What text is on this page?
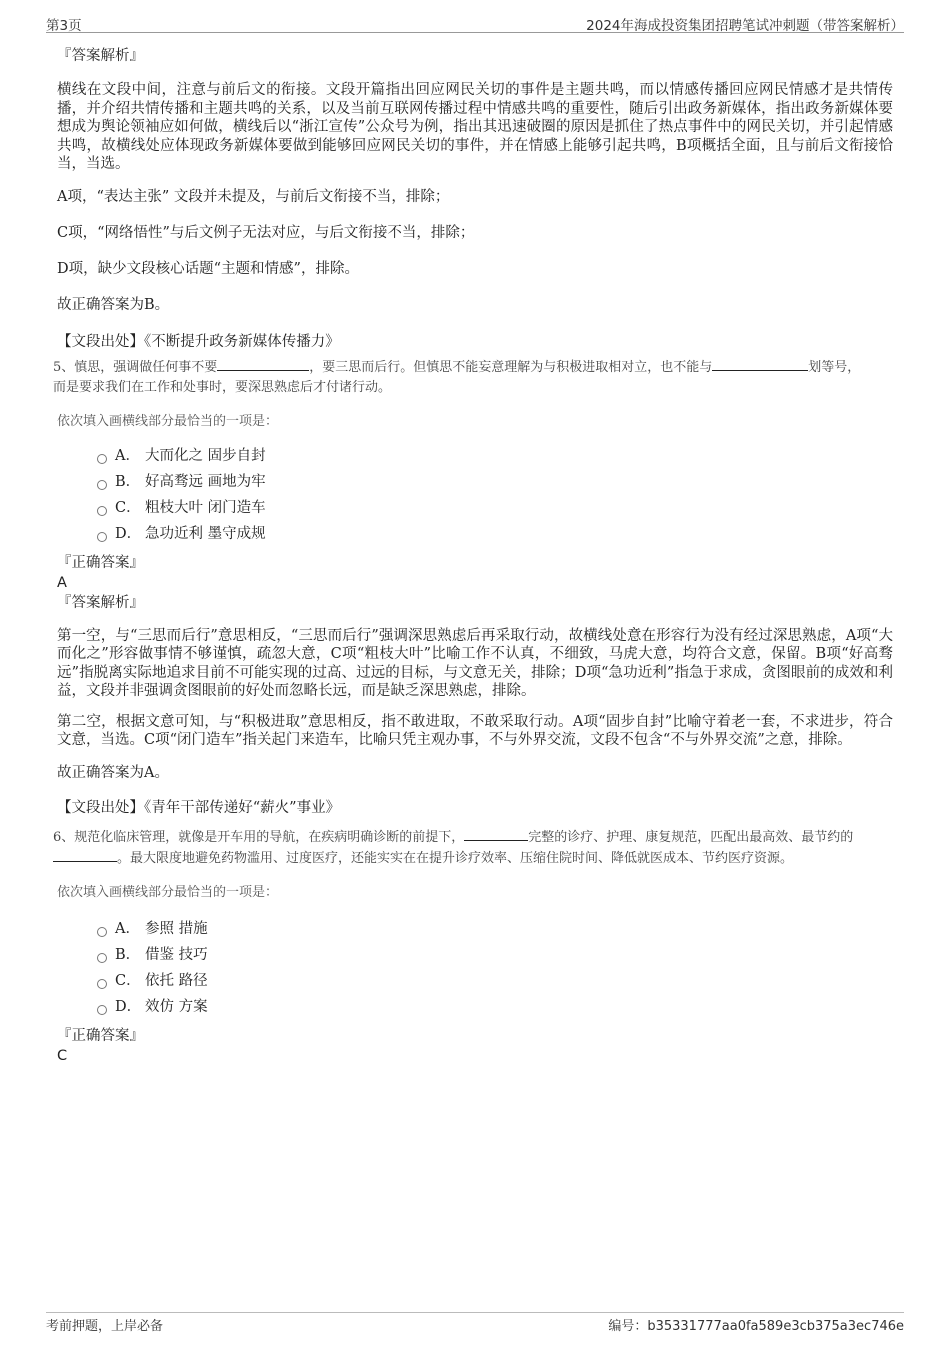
第3页	2024年海成投资集团招聘笔试冲刺题（带答案解析）
『答案解析』
横线在文段中间，注意与前后文的衔接。文段开篇指出回应网民关切的事件是主题共鸣，而以情感传播回应网民情感才是共情传播，并介绍共情传播和主题共鸣的关系，以及当前互联网传播过程中情感共鸣的重要性，随后引出政务新媒体，指出政务新媒体要想成为舆论领袖应如何做，横线后以“浙江宣传”公众号为例，指出其迅速破圈的原因是抓住了热点事件中的网民关切，并引起情感共鸣，故横线处应体现政务新媒体要做到能够回应网民关切的事件，并在情感上能够引起共鸣，B项概括全面，且与前后文衔接恰当，当选。
A项，“表达主张” 文段并未提及，与前后文衔接不当，排除；
C项，“网络悟性”与后文例子无法对应，与后文衔接不当，排除；
D项，缺少文段核心话题“主题和情感”，排除。
故正确答案为B。
【文段出处】《不断提升政务新媒体传播力》
5、慎思，强调做任何事不要	，要三思而后行。但慎思不能妄意理解为与积极进取相对立，也不能与	划等号，
而是要求我们在工作和处事时，要深思熟虑后才付诸行动。
依次填入画横线部分最恰当的一项是：
A． 大而化之 固步自封
B． 好高骛远 画地为牢
C． 粗枝大叶 闭门造车
D． 急功近利 墨守成规
『正确答案』
A
『答案解析』
第一空，与“三思而后行”意思相反，“三思而后行”强调深思熟虑后再采取行动，故横线处意在形容行为没有经过深思熟虑，A项“大而化之”形容做事情不够谨慎，疏忽大意，C项“粗枝大叶”比喻工作不认真，不细致，马虎大意，均符合文意，保留。B项“好高骛远”指脱离实际地追求目前不可能实现的过高、过远的目标，与文意无关，排除；D项“急功近利”指急于求成，贪图眼前的成效和利益，文段并非强调贪图眼前的好处而忽略长远，而是缺乏深思熟虑，排除。
第二空，根据文意可知，与“积极进取”意思相反，指不敢进取，不敢采取行动。A项“固步自封”比喻守着老一套，不求进步，符合文意，当选。C项“闭门造车”指关起门来造车，比喻只凭主观办事，不与外界交流，文段不包含“不与外界交流”之意，排除。
故正确答案为A。
【文段出处】《青年干部传递好“薪火”事业》
6、规范化临床管理，就像是开车用的导航，在疾病明确诊断的前提下，	完整的诊疗、护理、康复规范，匹配出最高效、最节约的
。最大限度地避免药物滥用、过度医疗，还能实实在在提升诊疗效率、压缩住院时间、降低就医成本、节约医疗资源。
依次填入画横线部分最恰当的一项是：
A． 参照 措施
B． 借鉴 技巧
C． 依托 路径
D． 效仿 方案
『正确答案』
C
考前押题，上岸必备	编号：b35331777aa0fa589e3cb375a3ec746e
